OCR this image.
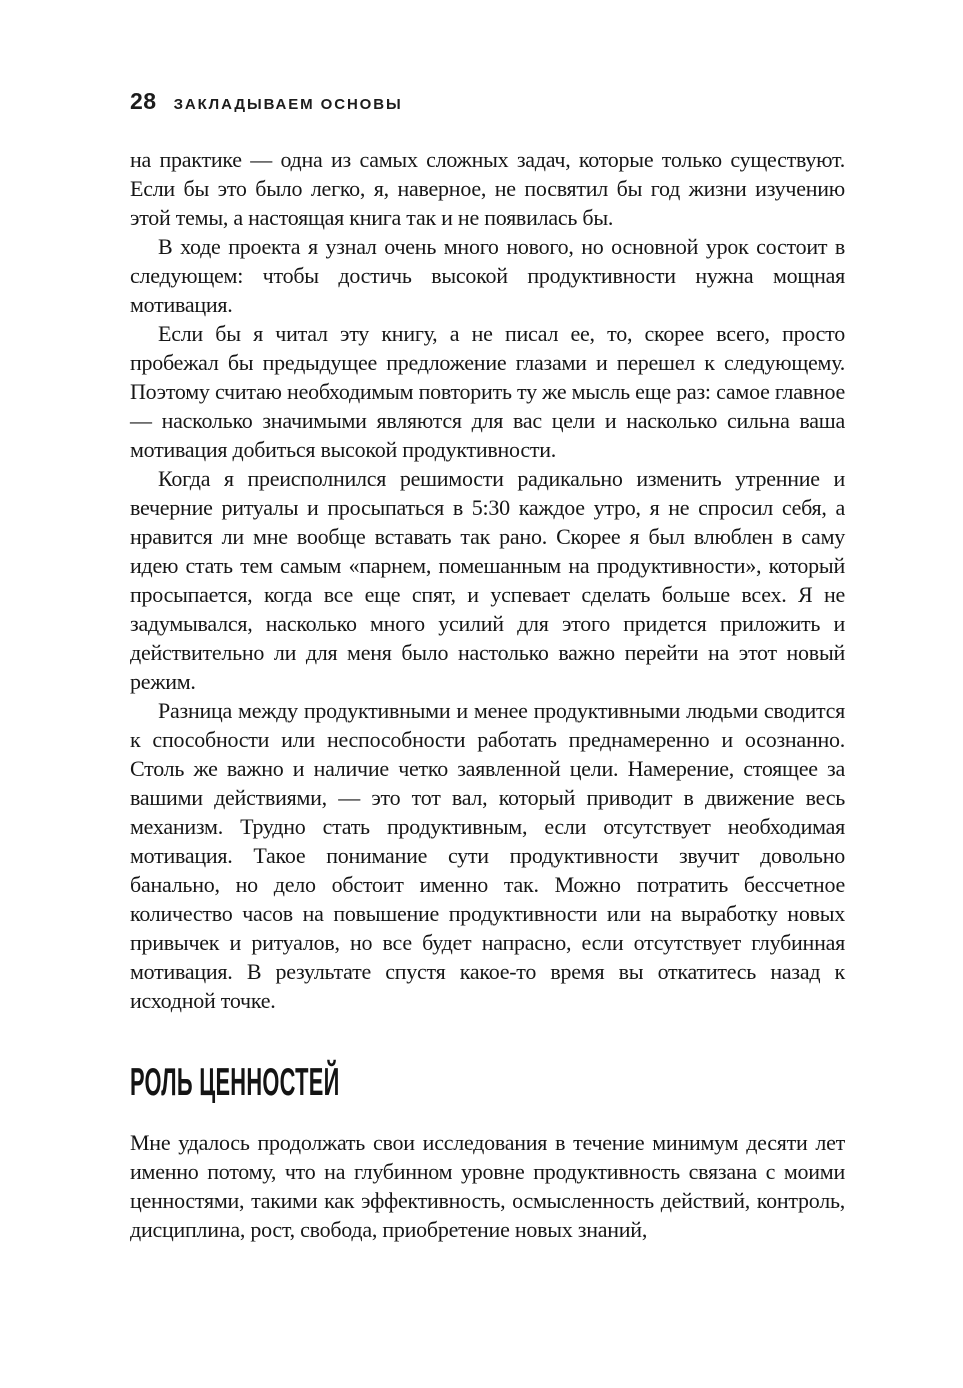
28 ЗАКЛАДЫВАЕМ ОСНОВЫ

на практике — одна из самых сложных задач, которые только существуют. Если бы это было легко, я, наверное, не посвятил бы год жизни изучению этой темы, а настоящая книга так и не появилась бы.

В ходе проекта я узнал очень много нового, но основной урок состоит в следующем: чтобы достичь высокой продуктивности нужна мощная мотивация.

Если бы я читал эту книгу, а не писал ее, то, скорее всего, просто пробежал бы предыдущее предложение глазами и перешел к следующему. Поэтому считаю необходимым повторить ту же мысль еще раз: самое главное — насколько значимыми являются для вас цели и насколько сильна ваша мотивация добиться высокой продуктивности.

Когда я преисполнился решимости радикально изменить утренние и вечерние ритуалы и просыпаться в 5:30 каждое утро, я не спросил себя, а нравится ли мне вообще вставать так рано. Скорее я был влюблен в саму идею стать тем самым «парнем, помешанным на продуктивности», который просыпается, когда все еще спят, и успевает сделать больше всех. Я не задумывался, насколько много усилий для этого придется приложить и действительно ли для меня было настолько важно перейти на этот новый режим.

Разница между продуктивными и менее продуктивными людьми сводится к способности или неспособности работать преднамеренно и осознанно. Столь же важно и наличие четко заявленной цели. Намерение, стоящее за вашими действиями, — это тот вал, который приводит в движение весь механизм. Трудно стать продуктивным, если отсутствует необходимая мотивация. Такое понимание сути продуктивности звучит довольно банально, но дело обстоит именно так. Можно потратить бессчетное количество часов на повышение продуктивности или на выработку новых привычек и ритуалов, но все будет напрасно, если отсутствует глубинная мотивация. В результате спустя какое-то время вы откатитесь назад к исходной точке.

РОЛЬ ЦЕННОСТЕЙ

Мне удалось продолжать свои исследования в течение минимум десяти лет именно потому, что на глубинном уровне продуктивность связана с моими ценностями, такими как эффективность, осмысленность действий, контроль, дисциплина, рост, свобода, приобретение новых знаний,
